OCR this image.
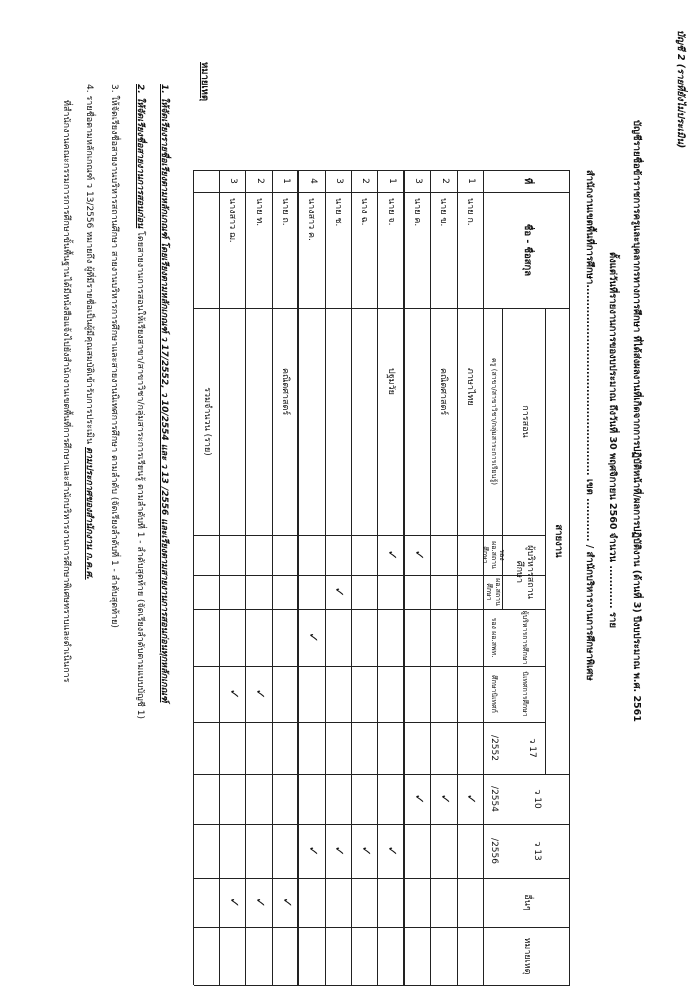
บัญชี 2 (รายที่ยังไม่ประเมิน)
บัญชีรายชื่อข้าราชการครูและบุคลากรทางการศึกษา ที่ได้ส่งผลงานที่เกิดจากการปฏิบัติหน้าที่/ผลการปฏิบัติงาน (ด้านที่ 3) ปีงบประมาณ พ.ศ. 2561
ตั้งแต่วันที่รายงานการของบประมาณ ถึงวันที่ 30 พฤศจิกายน 2560 จำนวน ............ ราย
สำนักงานเขตพื้นที่การศึกษา..................................................... เขต ............ / สำนักบริหารงานการศึกษาพิเศษ
ที่
ชื่อ - ชื่อสกุล
สายงาน
การสอน
ครู (สาขา/สาขาวิชา/กลุ่มสาระการเรียนรู้)
ผู้บริหารสถานศึกษา
รอง ผอ.สถานศึกษา
ผอ.สถานศึกษา
ผู้บริหารการศึกษา
รอง ผอ.สพท.
นิเทศการศึกษา
ศึกษานิเทศก์
ว 17
/2552
ว 10
/2554
ว 13
/2556
อื่นๆ
หมายเหตุ
1
นาย ก.
ภาษาไทย
✓
2
นาย ข.
คณิตศาสตร์
✓
3
นาย ค.
✓
✓
1
นาย จ.
ปฐมวัย
✓
✓
2
นาง ฉ.
✓
3
นาย ช.
✓
✓
4
นางสาว ค.
✓
✓
1
นาย ถ.
คณิตศาสตร์
✓
2
นาย ท.
✓
✓
3
นางสาว ฌ.
✓
✓
รวมจำนวน (ราย)
หมายเหตุ
1. ให้จัดเรียงรายชื่อเรียงตามหลักเกณฑ์ โดยเรียงตามหลักเกณฑ์ ว 17/2552, ว 10/2554 และ ว 13 /2556 และเรียงตามสายงานการสอนก่อนทุกหลักเกณฑ์
2. ให้จัดเรียงชื่อสายงานการสอนก่อน โดยสายงานการสอนให้เรียงสาขา/สาขาวิชา/กลุ่มสาระการเรียนรู้ ตามลำดับที่ 1 - ลำดับสุดท้าย (จัดเรียงลำดับตามแบบบัญชี 1)
3. ให้จัดเรียงชื่อสายงานบริหารสถานศึกษา สายงานบริหารการศึกษาและสายงานนิเทศการศึกษา ตามลำดับ (จัดเรียงลำดับที่ 1 - ลำดับสุดท้าย)
4. รายชื่อตามหลักเกณฑ์ ว 13/2556 หมายถึง ผู้ที่มีรายชื่อเป็นผู้มีคุณสมบัติเข้ารับการประเมิน ตามประกาศของสำนักงาน ก.ค.ศ.
ที่สำนักงานคณะกรรมการการศึกษาขั้นพื้นฐานได้มีหนังสือแจ้งไปยังสำนักงานเขตพื้นที่การศึกษาและสำนักบริหารงานการศึกษาพิเศษทราบและดำเนินการ
